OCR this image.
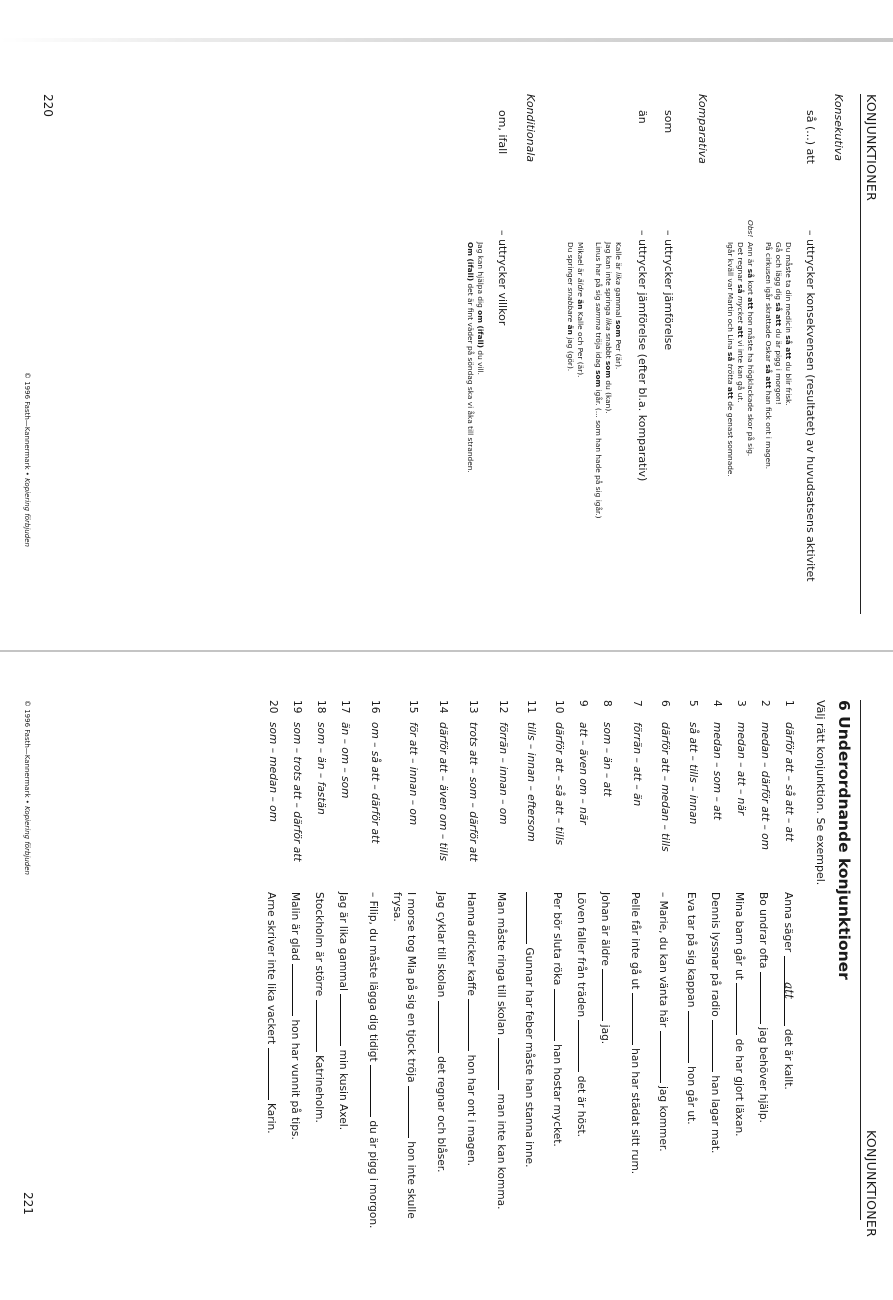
KONJUNKTIONER
Konsekutiva
så (...) att
– uttrycker konsekvensen (resultatet) av huvudsatsens aktivitet
Du måste ta din medicin så att du blir frisk.
Gå och lägg dig så att du är pigg i morgon!
På cirkusen igår skrattade Oskar så att han fick ont i magen.
Obs!
Ann är så kort att hon måste ha högklackade skor på sig.
Det regnar så mycket att vi inte kan gå ut.
Igår kväll var Martin och Lina så trötta att de genast somnade.
Komparativa
som
– uttrycker jämförelse
än
– uttrycker jämförelse (efter bl.a. komparativ)
Kalle är lika gammal som Per (är).
Jag kan inte springa lika snabbt som du (kan).
Linus har på sig samma tröja idag som igår. (... som han hade på sig igår.)
Mikael är äldre än Kalle och Per (är).
Du springer snabbare än jag (gör).
Konditionala
om, ifall
– uttrycker villkor
Jag kan hjälpa dig om (ifall) du vill.
Om (ifall) det är fint väder på söndag ska vi åka till stranden.
220
© 1996 Fasth—Kannermark • Kopiering förbjuden
KONJUNKTIONER
6 Underordnande konjunktioner
Välj rätt konjunktion. Se exempel.
1
därför att – så att – att
Anna säger att det är kallt.
2
medan – därför att – om
Bo undrar ofta  jag behöver hjälp.
3
medan – att – när
Mina barn går ut  de har gjort läxan.
4
medan – som – att
Dennis lyssnar på radio  han lagar mat.
5
så att – tills – innan
Eva tar på sig kappan  hon går ut.
6
därför att – medan – tills
– Marie, du kan vänta här  jag kommer.
7
förrän – att – än
Pelle får inte gå ut  han har städat sitt rum.
8
som – än – att
Johan är äldre  jag.
9
att – även om – när
Löven faller från träden  det är höst.
10
därför att – så att – tills
Per bör sluta röka  han hostar mycket.
11
tills – innan – eftersom
Gunnar har feber måste han stanna inne.
12
förrän – innan – om
Man måste ringa till skolan  man inte kan komma.
13
trots att – som – därför att
Hanna dricker kaffe  hon har ont i magen.
14
därför att – även om – tills
Jag cyklar till skolan  det regnar och blåser.
15
för att – innan – om
I morse tog Mia på sig en tjock tröja  hon inte skulle frysa.
16
om – så att – därför att
– Filip, du måste lägga dig tidigt  du är pigg i morgon.
17
än – om – som
Jag är lika gammal  min kusin Axel.
18
som – än – fastän
Stockholm är större  Katrineholm.
19
som – trots att – därför att
Malin är glad  hon har vunnit på tips.
20
som – medan – om
Arne skriver inte lika vackert  Karin.
© 1996 Fasth—Kannermark • Kopiering förbjuden
221
